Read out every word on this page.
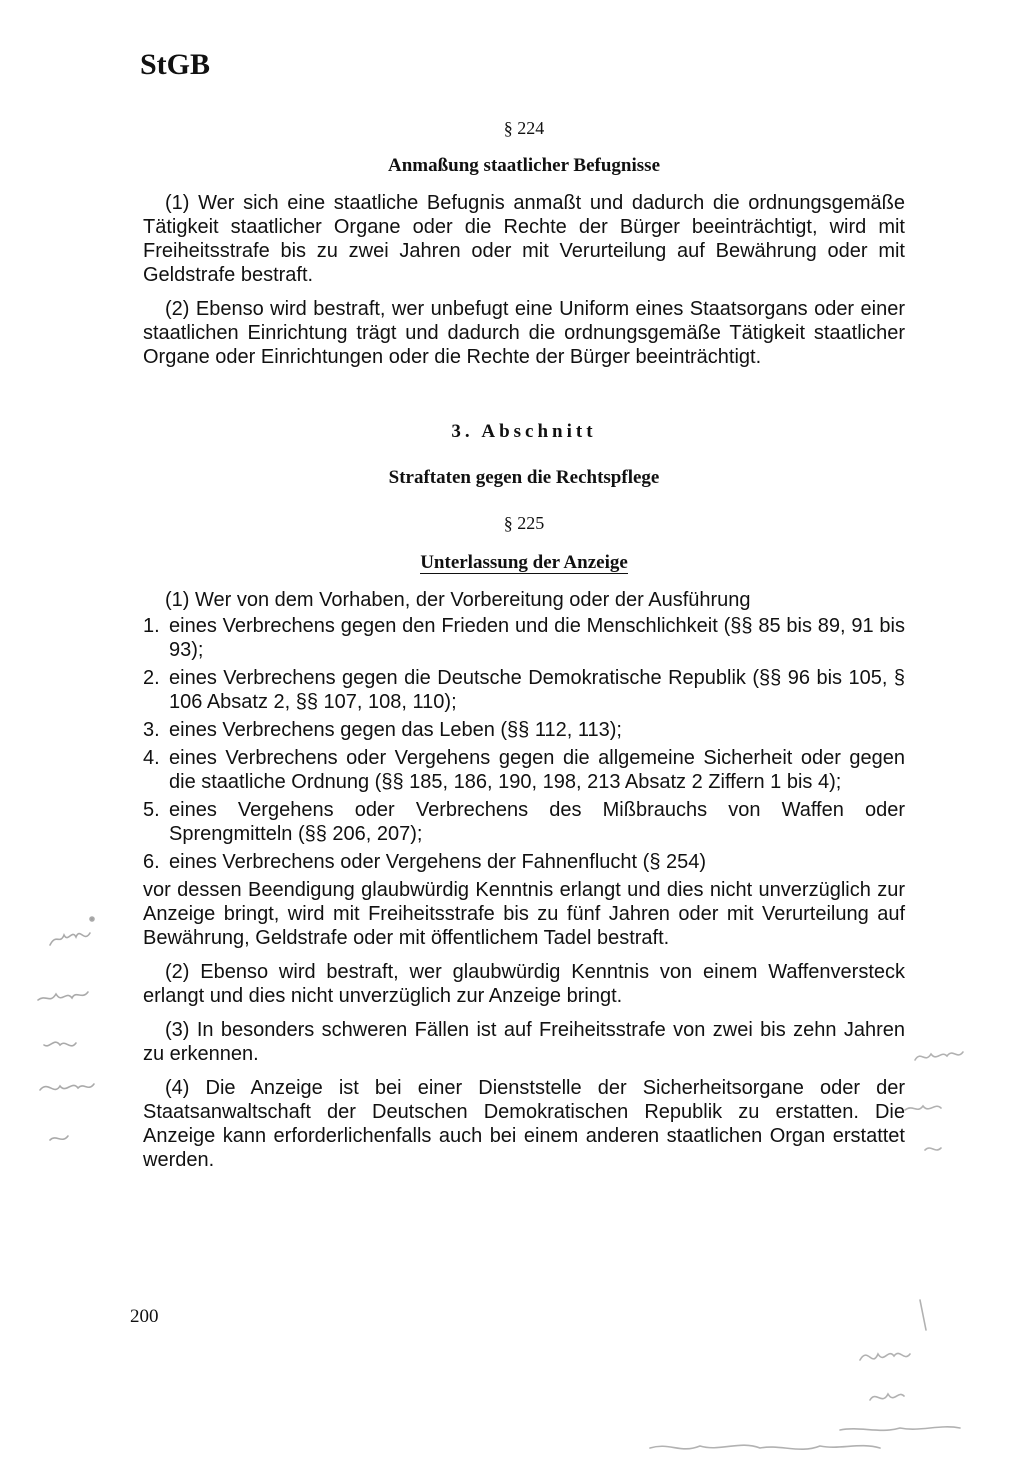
StGB

§ 224

Anmaßung staatlicher Befugnisse

(1) Wer sich eine staatliche Befugnis anmaßt und dadurch die ordnungsgemäße Tätigkeit staatlicher Organe oder die Rechte der Bürger beeinträchtigt, wird mit Freiheitsstrafe bis zu zwei Jahren oder mit Verurteilung auf Bewährung oder mit Geldstrafe bestraft.

(2) Ebenso wird bestraft, wer unbefugt eine Uniform eines Staatsorgans oder einer staatlichen Einrichtung trägt und dadurch die ordnungsgemäße Tätigkeit staatlicher Organe oder Einrichtungen oder die Rechte der Bürger beeinträchtigt.

3. Abschnitt

Straftaten gegen die Rechtspflege

§ 225

Unterlassung der Anzeige

(1) Wer von dem Vorhaben, der Vorbereitung oder der Ausführung

1. eines Verbrechens gegen den Frieden und die Menschlichkeit (§§ 85 bis 89, 91 bis 93);
2. eines Verbrechens gegen die Deutsche Demokratische Republik (§§ 96 bis 105, § 106 Absatz 2, §§ 107, 108, 110);
3. eines Verbrechens gegen das Leben (§§ 112, 113);
4. eines Verbrechens oder Vergehens gegen die allgemeine Sicherheit oder gegen die staatliche Ordnung (§§ 185, 186, 190, 198, 213 Absatz 2 Ziffern 1 bis 4);
5. eines Vergehens oder Verbrechens des Mißbrauchs von Waffen oder Sprengmitteln (§§ 206, 207);
6. eines Verbrechens oder Vergehens der Fahnenflucht (§ 254)

vor dessen Beendigung glaubwürdig Kenntnis erlangt und dies nicht unverzüglich zur Anzeige bringt, wird mit Freiheitsstrafe bis zu fünf Jahren oder mit Verurteilung auf Bewährung, Geldstrafe oder mit öffentlichem Tadel bestraft.

(2) Ebenso wird bestraft, wer glaubwürdig Kenntnis von einem Waffenversteck erlangt und dies nicht unverzüglich zur Anzeige bringt.

(3) In besonders schweren Fällen ist auf Freiheitsstrafe von zwei bis zehn Jahren zu erkennen.

(4) Die Anzeige ist bei einer Dienststelle der Sicherheitsorgane oder der Staatsanwaltschaft der Deutschen Demokratischen Republik zu erstatten. Die Anzeige kann erforderlichenfalls auch bei einem anderen staatlichen Organ erstattet werden.

200
